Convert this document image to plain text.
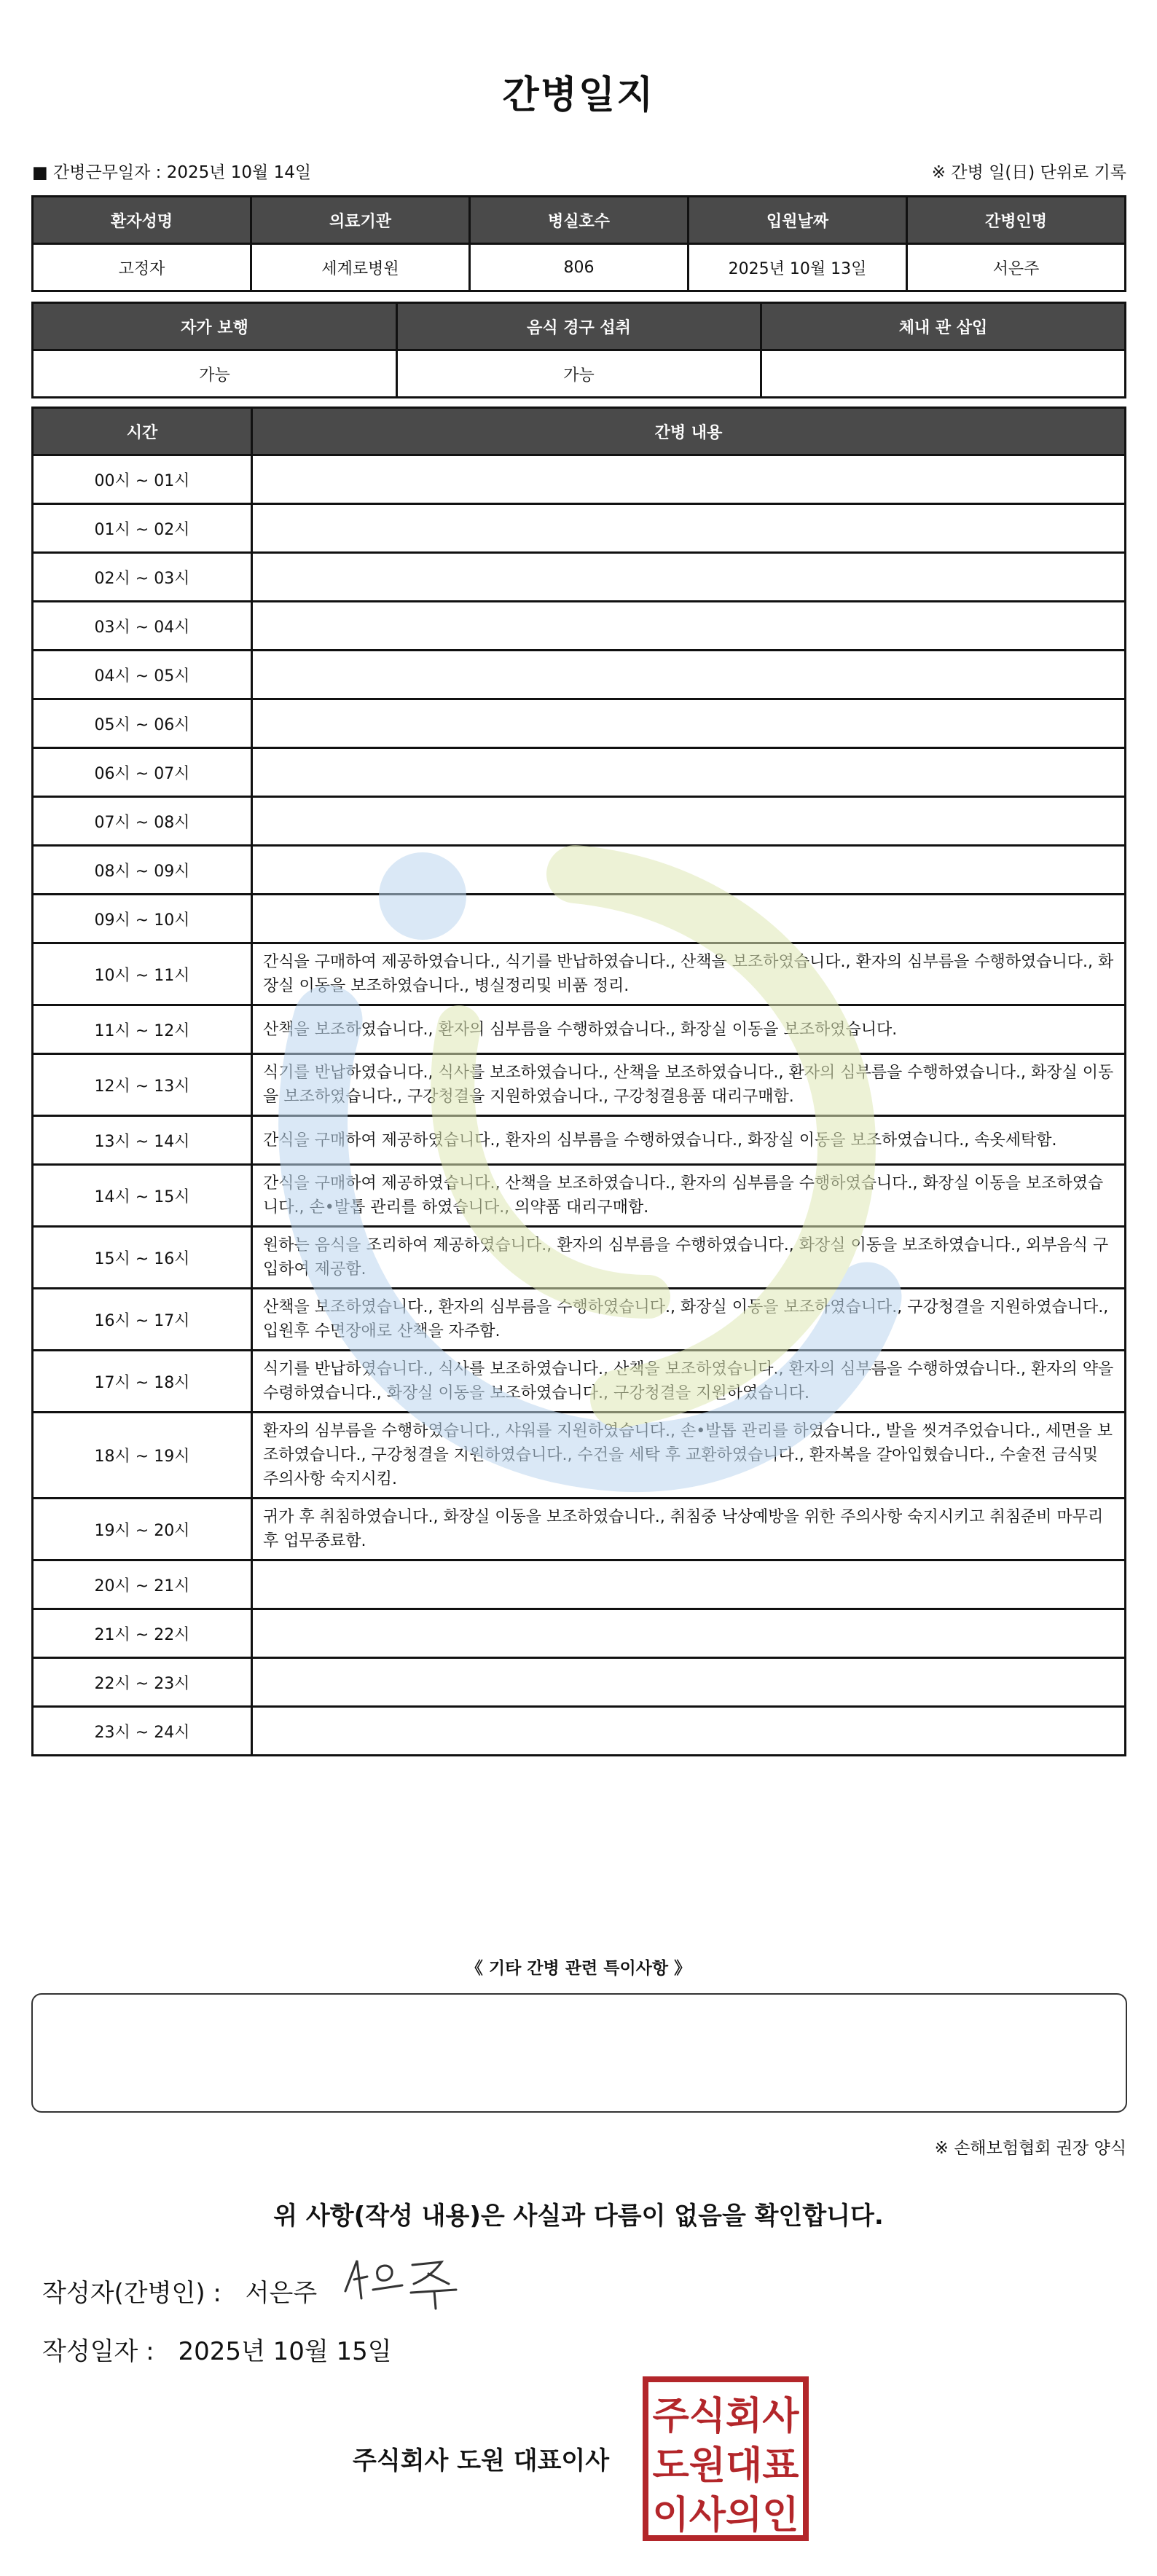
간병일지
■ 간병근무일자 : 2025년 10월 14일	※ 간병 일(日) 단위로 기록
환자성명	의료기관	병실호수	입원날짜	간병인명
고정자	세계로병원	806	2025년 10월 13일	서은주
자가 보행	음식 경구 섭취	체내 관 삽입
가능	가능	
시간	간병 내용
00시 ~ 01시	
01시 ~ 02시	
02시 ~ 03시	
03시 ~ 04시	
04시 ~ 05시	
05시 ~ 06시	
06시 ~ 07시	
07시 ~ 08시	
08시 ~ 09시	
09시 ~ 10시	
10시 ~ 11시	간식을 구매하여 제공하였습니다., 식기를 반납하였습니다., 산책을 보조하였습니다., 환자의 심부름을 수행하였습니다., 화장실 이동을 보조하였습니다., 병실정리및 비품 정리.
11시 ~ 12시	산책을 보조하였습니다., 환자의 심부름을 수행하였습니다., 화장실 이동을 보조하였습니다.
12시 ~ 13시	식기를 반납하였습니다., 식사를 보조하였습니다., 산책을 보조하였습니다., 환자의 심부름을 수행하였습니다., 화장실 이동을 보조하였습니다., 구강청결을 지원하였습니다., 구강청결용품 대리구매함.
13시 ~ 14시	간식을 구매하여 제공하였습니다., 환자의 심부름을 수행하였습니다., 화장실 이동을 보조하였습니다., 속옷세탁함.
14시 ~ 15시	간식을 구매하여 제공하였습니다., 산책을 보조하였습니다., 환자의 심부름을 수행하였습니다., 화장실 이동을 보조하였습니다., 손•발톱 관리를 하였습니다., 의약품 대리구매함.
15시 ~ 16시	원하는 음식을 조리하여 제공하였습니다., 환자의 심부름을 수행하였습니다., 화장실 이동을 보조하였습니다., 외부음식 구입하여 제공함.
16시 ~ 17시	산책을 보조하였습니다., 환자의 심부름을 수행하였습니다., 화장실 이동을 보조하였습니다., 구강청결을 지원하였습니다., 입원후 수면장애로 산책을 자주함.
17시 ~ 18시	식기를 반납하였습니다., 식사를 보조하였습니다., 산책을 보조하였습니다., 환자의 심부름을 수행하였습니다., 환자의 약을 수령하였습니다., 화장실 이동을 보조하였습니다., 구강청결을 지원하였습니다.
18시 ~ 19시	환자의 심부름을 수행하였습니다., 샤워를 지원하였습니다., 손•발톱 관리를 하였습니다., 발을 씻겨주었습니다., 세면을 보조하였습니다., 구강청결을 지원하였습니다., 수건을 세탁 후 교환하였습니다., 환자복을 갈아입혔습니다., 수술전 금식및 주의사항 숙지시킴.
19시 ~ 20시	귀가 후 취침하였습니다., 화장실 이동을 보조하였습니다., 취침중 낙상예방을 위한 주의사항 숙지시키고 취침준비 마무리 후 업무종료함.
20시 ~ 21시	
21시 ~ 22시	
22시 ~ 23시	
23시 ~ 24시	
《 기타 간병 관련 특이사항 》
※ 손해보험협회 권장 양식
위 사항(작성 내용)은 사실과 다름이 없음을 확인합니다.
작성자(간병인) : 서은주
작성일자 : 2025년 10월 15일
주식회사 도원 대표이사
주식회사
도원대표
이사의인
